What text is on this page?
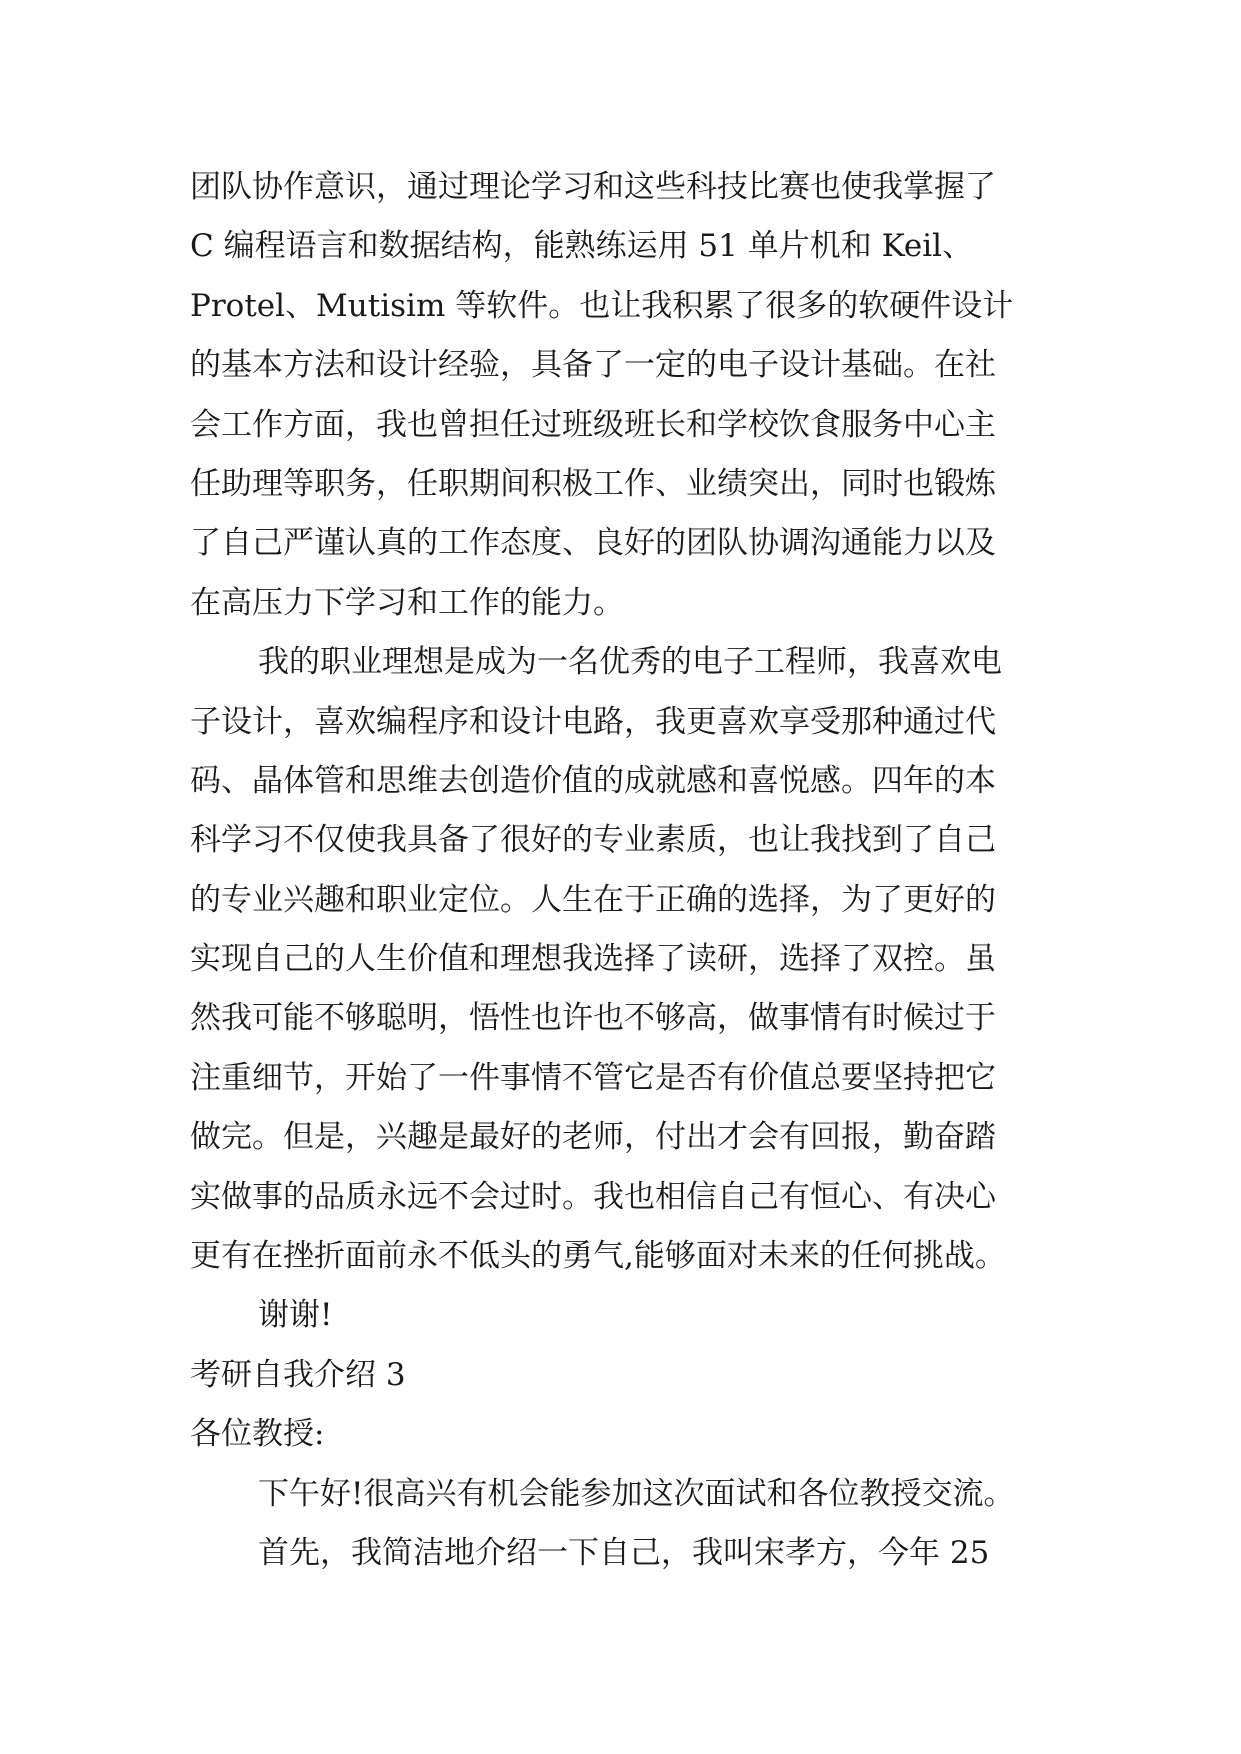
团队协作意识，通过理论学习和这些科技比赛也使我掌握了
C 编程语言和数据结构，能熟练运用 51 单片机和 Keil、
Protel、Mutisim 等软件。也让我积累了很多的软硬件设计
的基本方法和设计经验，具备了一定的电子设计基础。在社
会工作方面，我也曾担任过班级班长和学校饮食服务中心主
任助理等职务，任职期间积极工作、业绩突出，同时也锻炼
了自己严谨认真的工作态度、良好的团队协调沟通能力以及
在高压力下学习和工作的能力。
我的职业理想是成为一名优秀的电子工程师，我喜欢电
子设计，喜欢编程序和设计电路，我更喜欢享受那种通过代
码、晶体管和思维去创造价值的成就感和喜悦感。四年的本
科学习不仅使我具备了很好的专业素质，也让我找到了自己
的专业兴趣和职业定位。人生在于正确的选择，为了更好的
实现自己的人生价值和理想我选择了读研，选择了双控。虽
然我可能不够聪明，悟性也许也不够高，做事情有时候过于
注重细节，开始了一件事情不管它是否有价值总要坚持把它
做完。但是，兴趣是最好的老师，付出才会有回报，勤奋踏
实做事的品质永远不会过时。我也相信自己有恒心、有决心
更有在挫折面前永不低头的勇气,能够面对未来的任何挑战。
谢谢!
考研自我介绍 3
各位教授:
下午好!很高兴有机会能参加这次面试和各位教授交流。
首先，我简洁地介绍一下自己，我叫宋孝方，今年 25
